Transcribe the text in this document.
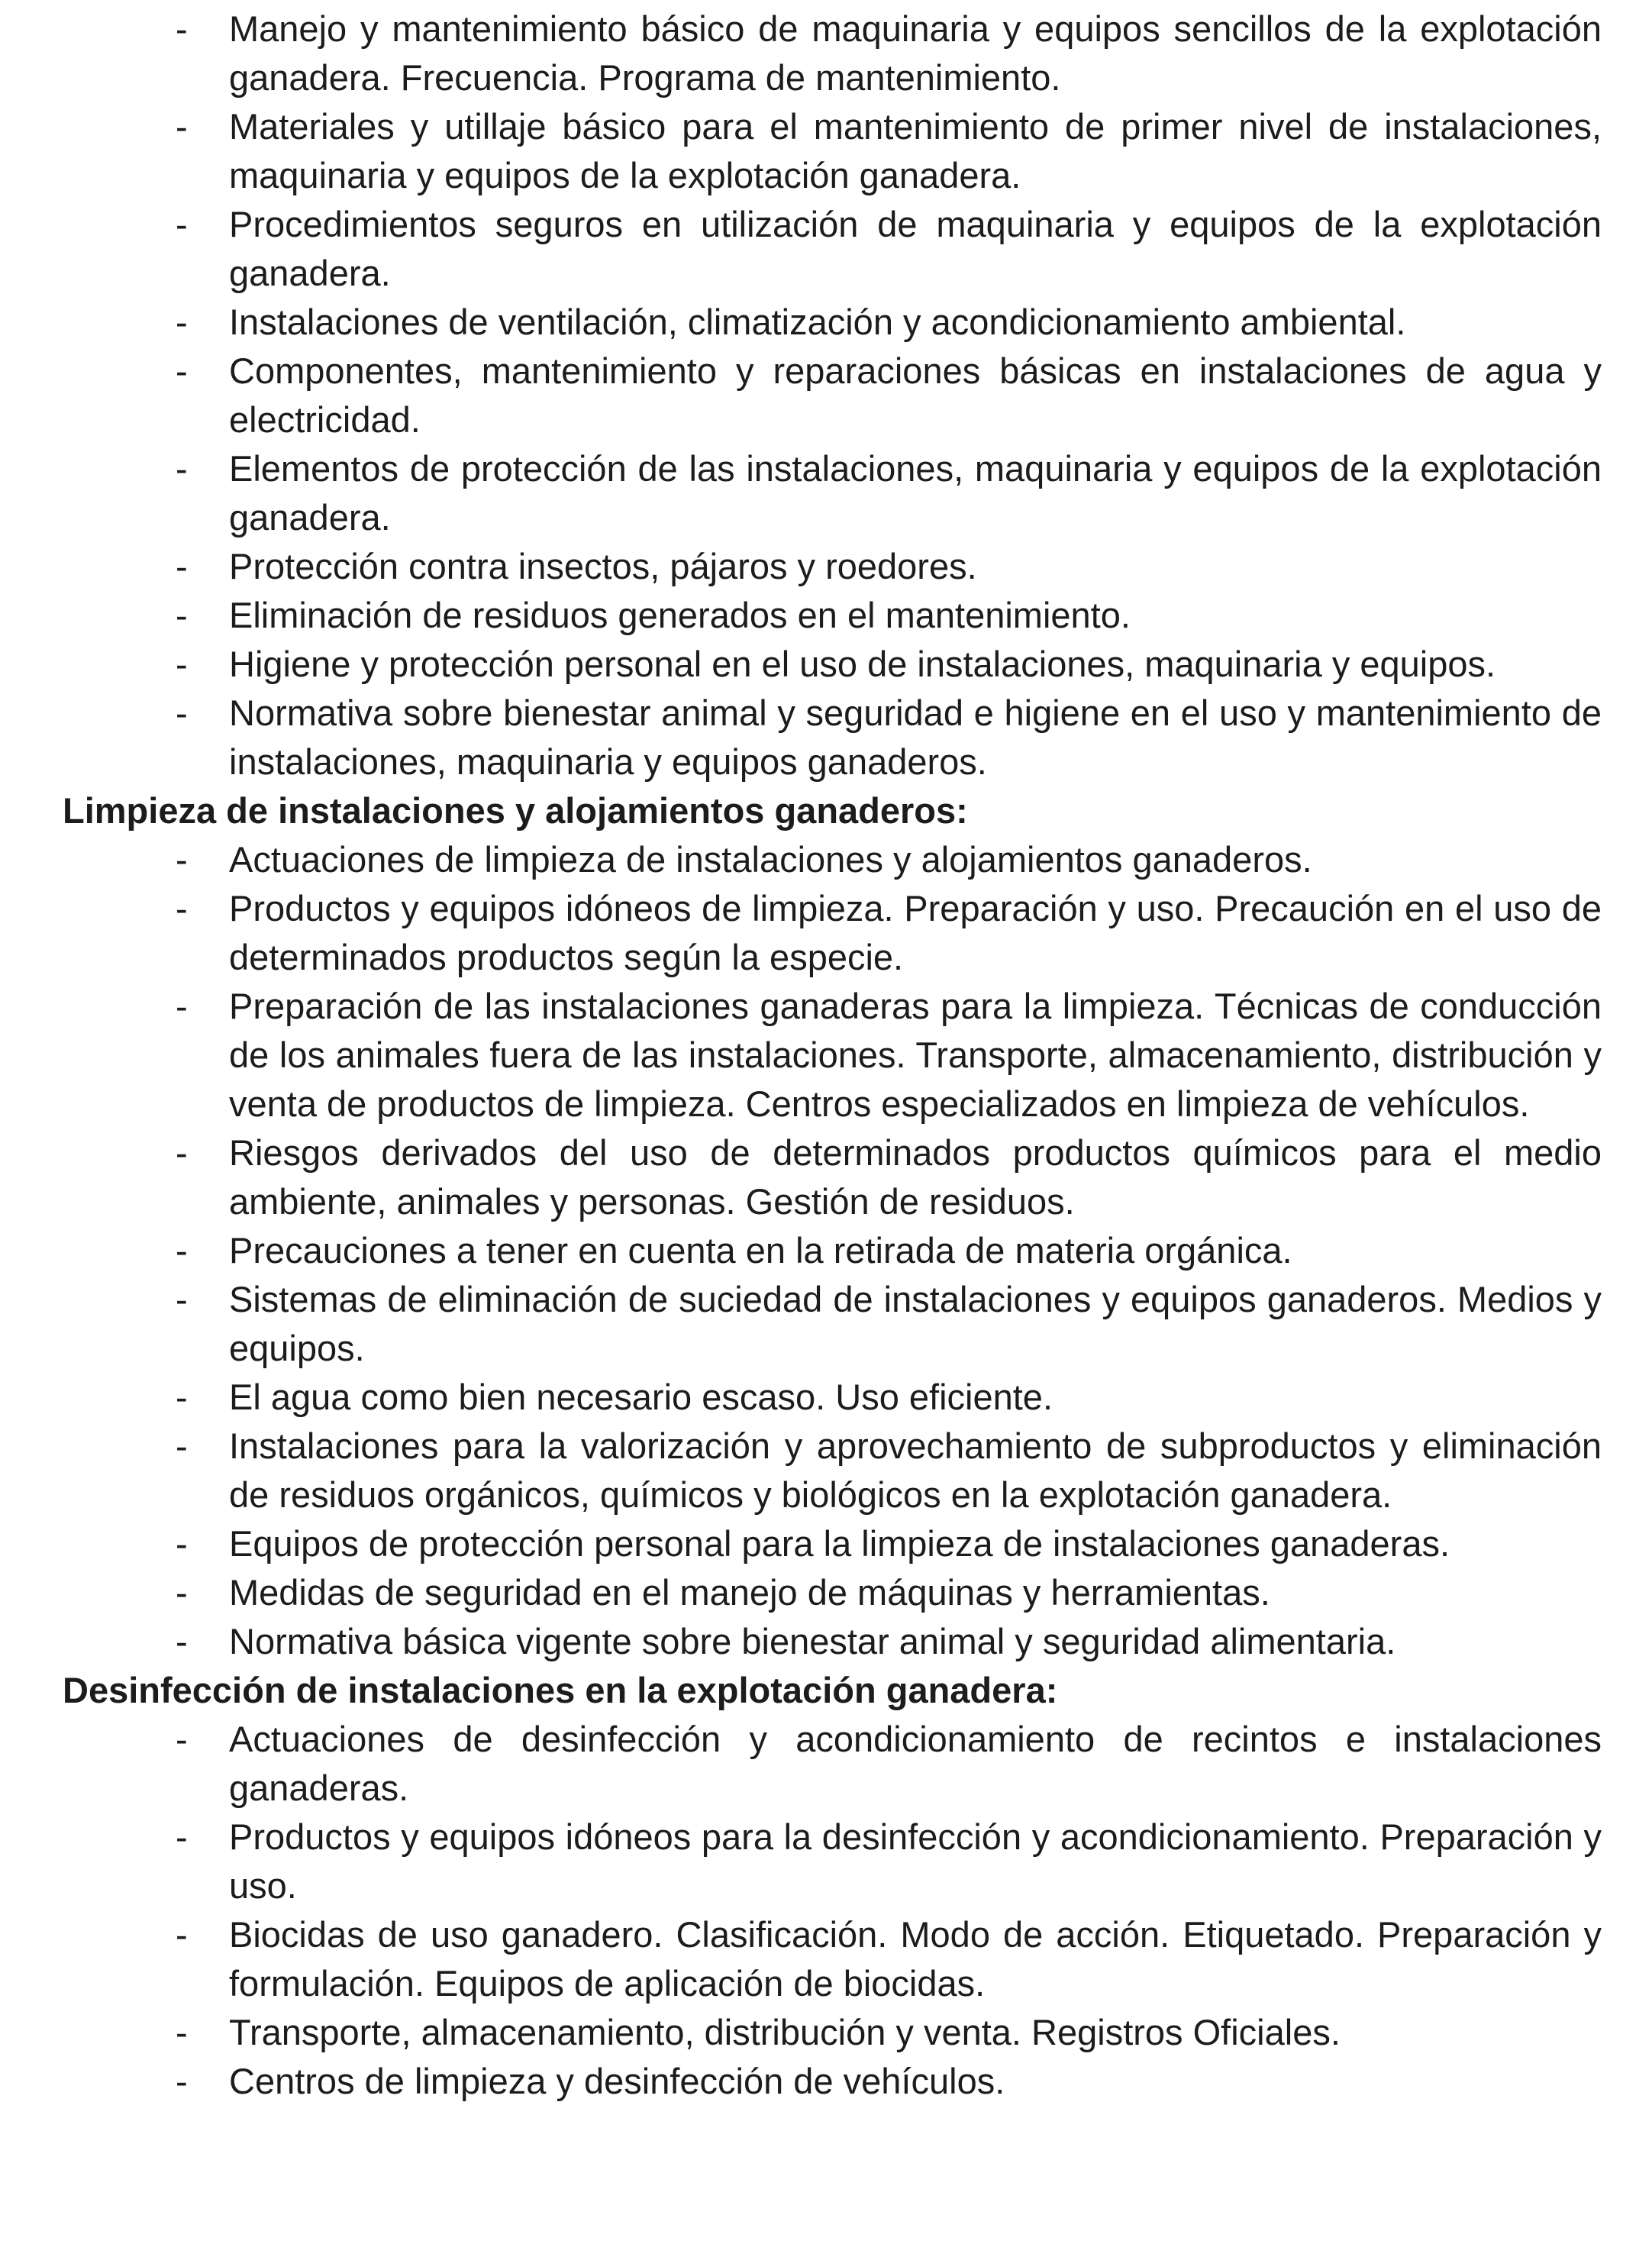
-	Manejo y mantenimiento básico de maquinaria y equipos sencillos de la explotación ganadera. Frecuencia. Programa de mantenimiento.
-	Materiales y utillaje básico para el mantenimiento de primer nivel de instalaciones, maquinaria y equipos de la explotación ganadera.
-	Procedimientos seguros en utilización de maquinaria y equipos de la explotación ganadera.
-	Instalaciones de ventilación, climatización y acondicionamiento ambiental.
-	Componentes, mantenimiento y reparaciones básicas en instalaciones de agua y electricidad.
-	Elementos de protección de las instalaciones, maquinaria y equipos de la explotación ganadera.
-	Protección contra insectos, pájaros y roedores.
-	Eliminación de residuos generados en el mantenimiento.
-	Higiene y protección personal en el uso de instalaciones, maquinaria y equipos.
-	Normativa sobre bienestar animal y seguridad e higiene en el uso y mantenimiento de instalaciones, maquinaria y equipos ganaderos.
Limpieza de instalaciones y alojamientos ganaderos:
-	Actuaciones de limpieza de instalaciones y alojamientos ganaderos.
-	Productos y equipos idóneos de limpieza. Preparación y uso. Precaución en el uso de determinados productos según la especie.
-	Preparación de las instalaciones ganaderas para la limpieza. Técnicas de conducción de los animales fuera de las instalaciones. Transporte, almacenamiento, distribución y venta de productos de limpieza. Centros especializados en limpieza de vehículos.
-	Riesgos derivados del uso de determinados productos químicos para el medio ambiente, animales y personas. Gestión de residuos.
-	Precauciones a tener en cuenta en la retirada de materia orgánica.
-	Sistemas de eliminación de suciedad de instalaciones y equipos ganaderos. Medios y equipos.
-	El agua como bien necesario escaso. Uso eficiente.
-	Instalaciones para la valorización y aprovechamiento de subproductos y eliminación de residuos orgánicos, químicos y biológicos en la explotación ganadera.
-	Equipos de protección personal para la limpieza de instalaciones ganaderas.
-	Medidas de seguridad en el manejo de máquinas y herramientas.
-	Normativa básica vigente sobre bienestar animal y seguridad alimentaria.
Desinfección de instalaciones en la explotación ganadera:
-	Actuaciones de desinfección y acondicionamiento de recintos e instalaciones ganaderas.
-	Productos y equipos idóneos para la desinfección y acondicionamiento. Preparación y uso.
-	Biocidas de uso ganadero. Clasificación. Modo de acción. Etiquetado. Preparación y formulación. Equipos de aplicación de biocidas.
-	Transporte, almacenamiento, distribución y venta. Registros Oficiales.
-	Centros de limpieza y desinfección de vehículos.
